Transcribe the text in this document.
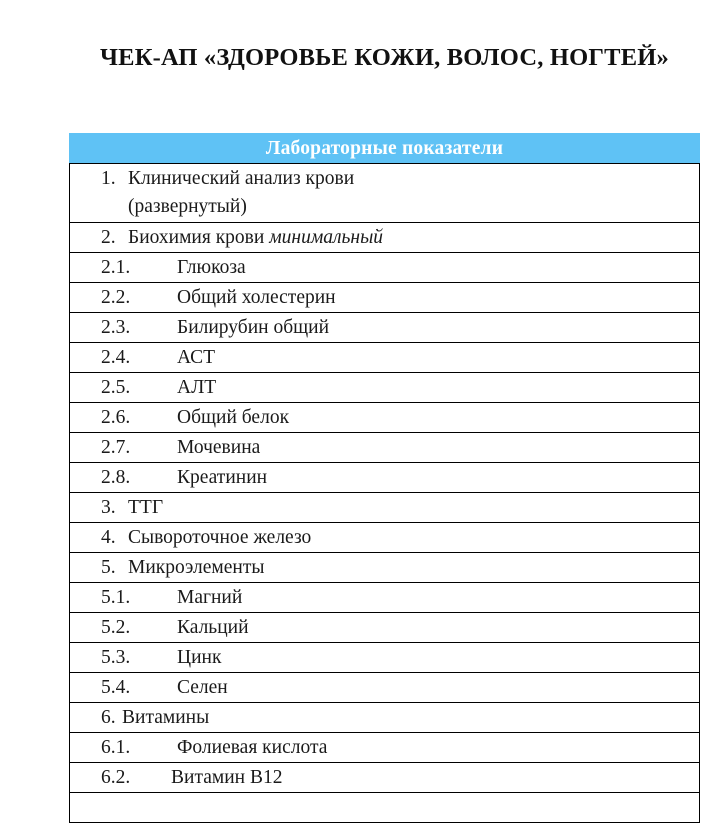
ЧЕК-АП «ЗДОРОВЬЕ КОЖИ, ВОЛОС, НОГТЕЙ»
Лабораторные показатели

1. Клинический анализ крови
(развернутый)

2. Биохимия крови минимальный

2.1. Глюкоза

2.2. Общий холестерин

2.3. Билирубин общий

2.4. АСТ

2.5. АЛТ

2.6. Общий белок

2.7. Мочевина

2.8. Креатинин

3. ТТГ

4. Сывороточное железо

5. Микроэлементы

5.1. Магний

5.2. Кальций

5.3. Цинк

5.4. Селен

6. Витамины

6.1. Фолиевая кислота

6.2. Витамин В12
